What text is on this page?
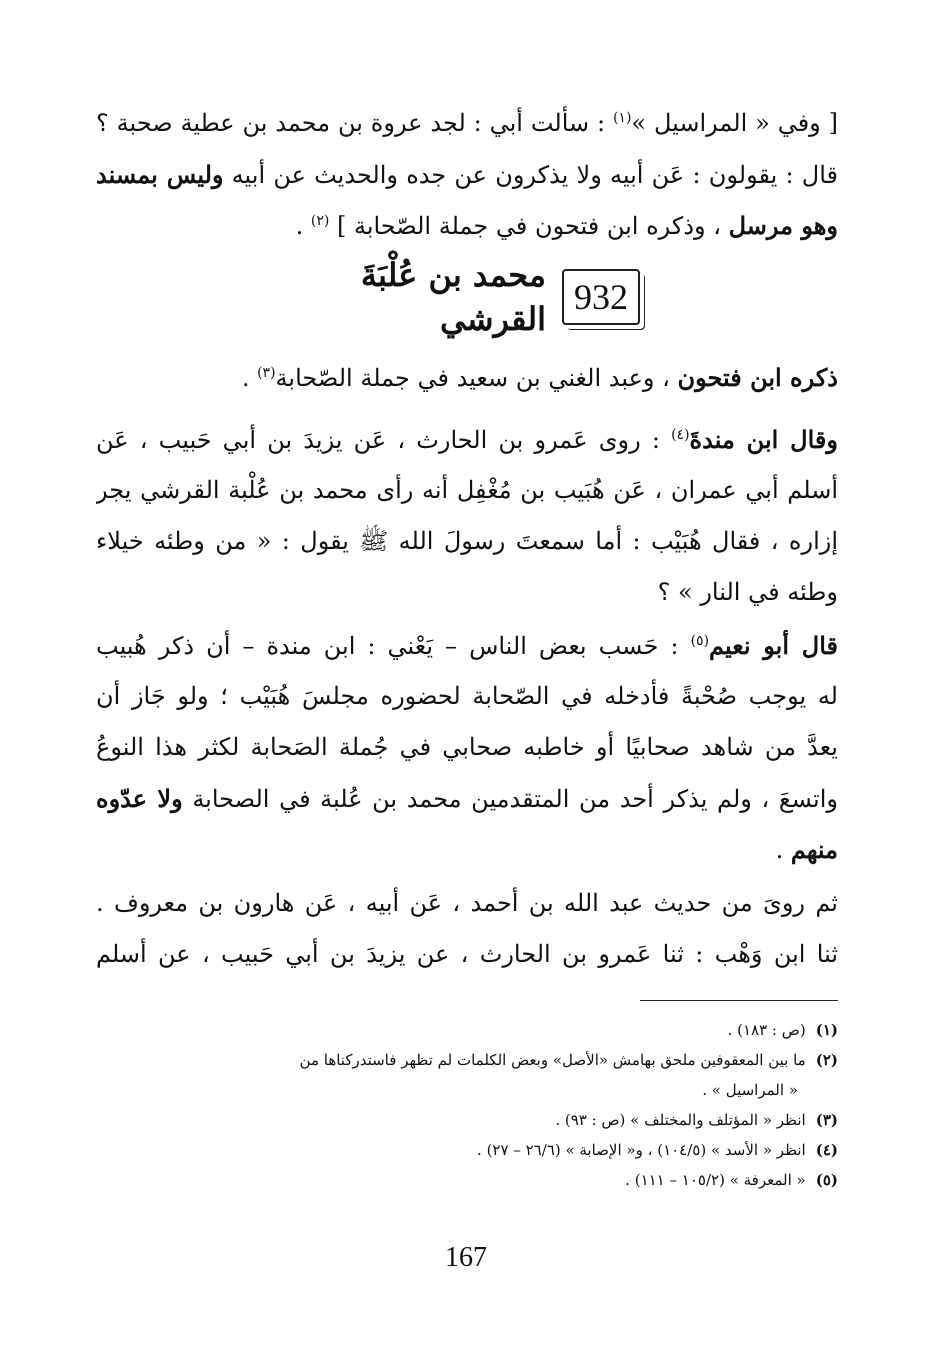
[ وفي « المراسيل »$^{(١)}$ : سألت أبي : لجد عروة بن محمد بن عطية صحبة ؟
قال : يقولون : عَن أبيه ولا يذكرون عن جده والحديث عن أبيه وليس بمسند
وهو مرسل ، وذكره ابن فتحون في جملة الصّحابة ] $^{(٢)}$ .
932
محمد بن عُلْبَةَ القرشي
ذكره ابن فتحون ، وعبد الغني بن سعيد في جملة الصّحابة$^{(٣)}$ .
وقال ابن مندةَ$^{(٤)}$ : روى عَمرو بن الحارث ، عَن يزيدَ بن أبي حَبيب ، عَن
أسلم أبي عمران ، عَن هُبَيب بن مُغْفِل أنه رأى محمد بن عُلْبة القرشي يجر
إزاره ، فقال هُبَيْب : أما سمعتَ رسولَ الله ﷺ يقول : « من وطئه خيلاء
وطئه في النار » ؟
قال أبو نعيم$^{(٥)}$ : حَسب بعض الناس – يَعْني : ابن مندة – أن ذكر هُبيب
له يوجب صُحْبةً فأدخله في الصّحابة لحضوره مجلسَ هُبَيْب ؛ ولو جَاز أن
يعدَّ من شاهد صحابيًا أو خاطبه صحابي في جُملة الصَحابة لكثر هذا النوعُ
واتسعَ ، ولم يذكر أحد من المتقدمين محمد بن عُلبة في الصحابة ولا عدّوه
منهم .
ثم روىَ من حديث عبد الله بن أحمد ، عَن أبيه ، عَن هارون بن معروف .
ثنا ابن وَهْب : ثنا عَمرو بن الحارث ، عن يزيدَ بن أبي حَبيب ، عن أسلم
(١)(ص : ١٨٣) .
(٢)ما بين المعقوفين ملحق بهامش «الأصل» وبعض الكلمات لم تظهر فاستدركناها من
« المراسيل » .
(٣)انظر « المؤتلف والمختلف » (ص : ٩٣) .
(٤)انظر « الأسد » (١٠٤/٥) ، و« الإصابة » (٢٦/٦ – ٢٧) .
(٥)« المعرفة » (١٠٥/٢ – ١١١) .
167
